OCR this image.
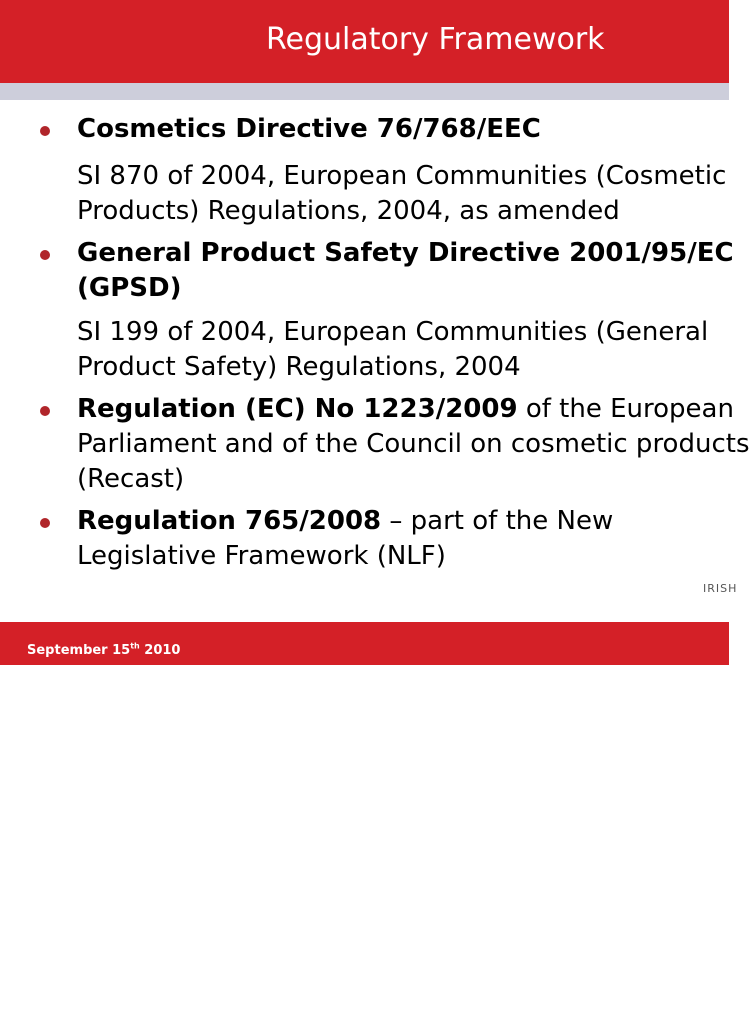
Regulatory Framework
Cosmetics Directive 76/768/EEC
SI 870 of 2004, European Communities (Cosmetic
Products) Regulations, 2004, as amended
General Product Safety Directive 2001/95/EC
(GPSD)
SI 199 of 2004, European Communities (General
Product Safety) Regulations, 2004
Regulation (EC) No 1223/2009 of the European
Parliament and of the Council on cosmetic products
(Recast)
Regulation 765/2008 – part of the New
Legislative Framework (NLF)
IRISH
September 15th 2010
